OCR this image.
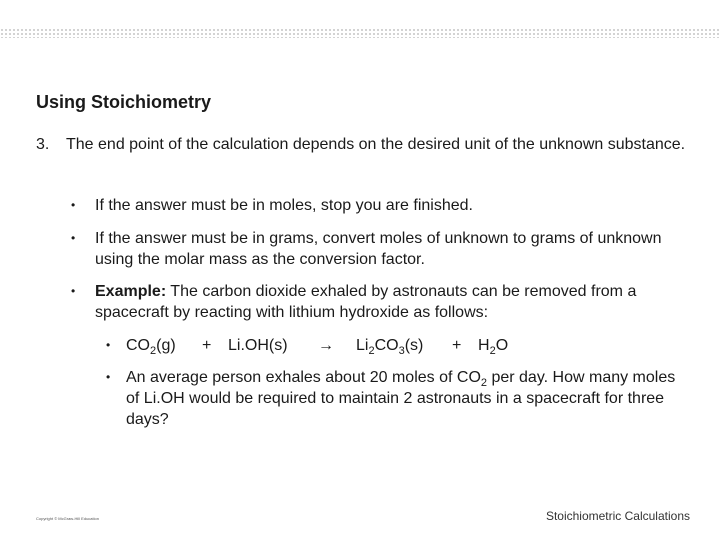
Using Stoichiometry
3. The end point of the calculation depends on the desired unit of the unknown substance.
• If the answer must be in moles, stop you are finished.
• If the answer must be in grams, convert moles of unknown to grams of unknown using the molar mass as the conversion factor.
• Example: The carbon dioxide exhaled by astronauts can be removed from a spacecraft by reacting with lithium hydroxide as follows:
• $CO_2(g) + Li.OH(s) \to Li_2CO_3(s) + H_2O$
• An average person exhales about 20 moles of $CO_2$ per day. How many moles of Li.OH would be required to maintain 2 astronauts in a spacecraft for three days?
Copyright © McGraw-Hill Education	Stoichiometric Calculations
